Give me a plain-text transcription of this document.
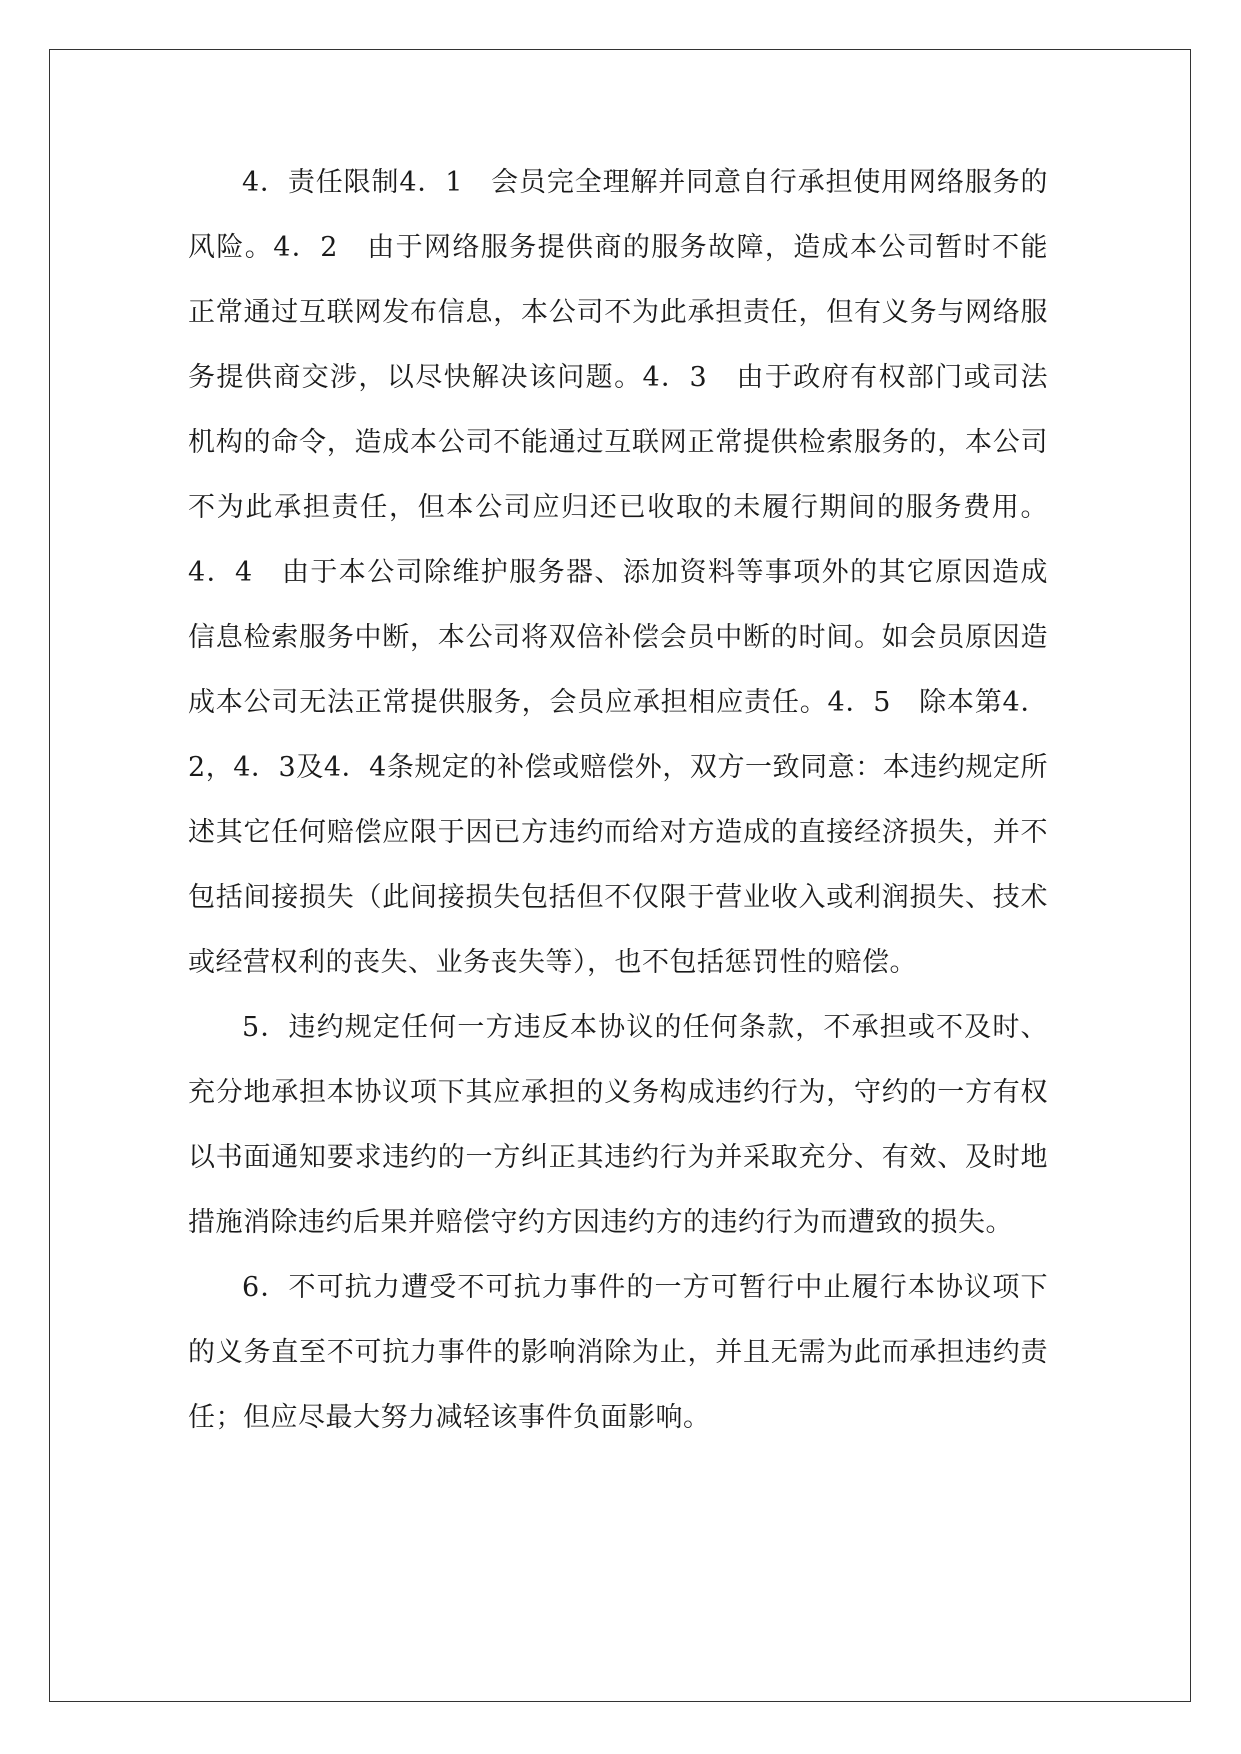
4．责任限制4．1　会员完全理解并同意自行承担使用网络服务的风险。4．2　由于网络服务提供商的服务故障，造成本公司暂时不能正常通过互联网发布信息，本公司不为此承担责任，但有义务与网络服务提供商交涉，以尽快解决该问题。4．3　由于政府有权部门或司法机构的命令，造成本公司不能通过互联网正常提供检索服务的，本公司不为此承担责任，但本公司应归还已收取的未履行期间的服务费用。4．4　由于本公司除维护服务器、添加资料等事项外的其它原因造成信息检索服务中断，本公司将双倍补偿会员中断的时间。如会员原因造成本公司无法正常提供服务，会员应承担相应责任。4．5　除本第4．2，4．3及4．4条规定的补偿或赔偿外，双方一致同意：本违约规定所述其它任何赔偿应限于因已方违约而给对方造成的直接经济损失，并不包括间接损失（此间接损失包括但不仅限于营业收入或利润损失、技术或经营权利的丧失、业务丧失等），也不包括惩罚性的赔偿。

5．违约规定任何一方违反本协议的任何条款，不承担或不及时、充分地承担本协议项下其应承担的义务构成违约行为，守约的一方有权以书面通知要求违约的一方纠正其违约行为并采取充分、有效、及时地措施消除违约后果并赔偿守约方因违约方的违约行为而遭致的损失。

6．不可抗力遭受不可抗力事件的一方可暂行中止履行本协议项下的义务直至不可抗力事件的影响消除为止，并且无需为此而承担违约责任；但应尽最大努力减轻该事件负面影响。
